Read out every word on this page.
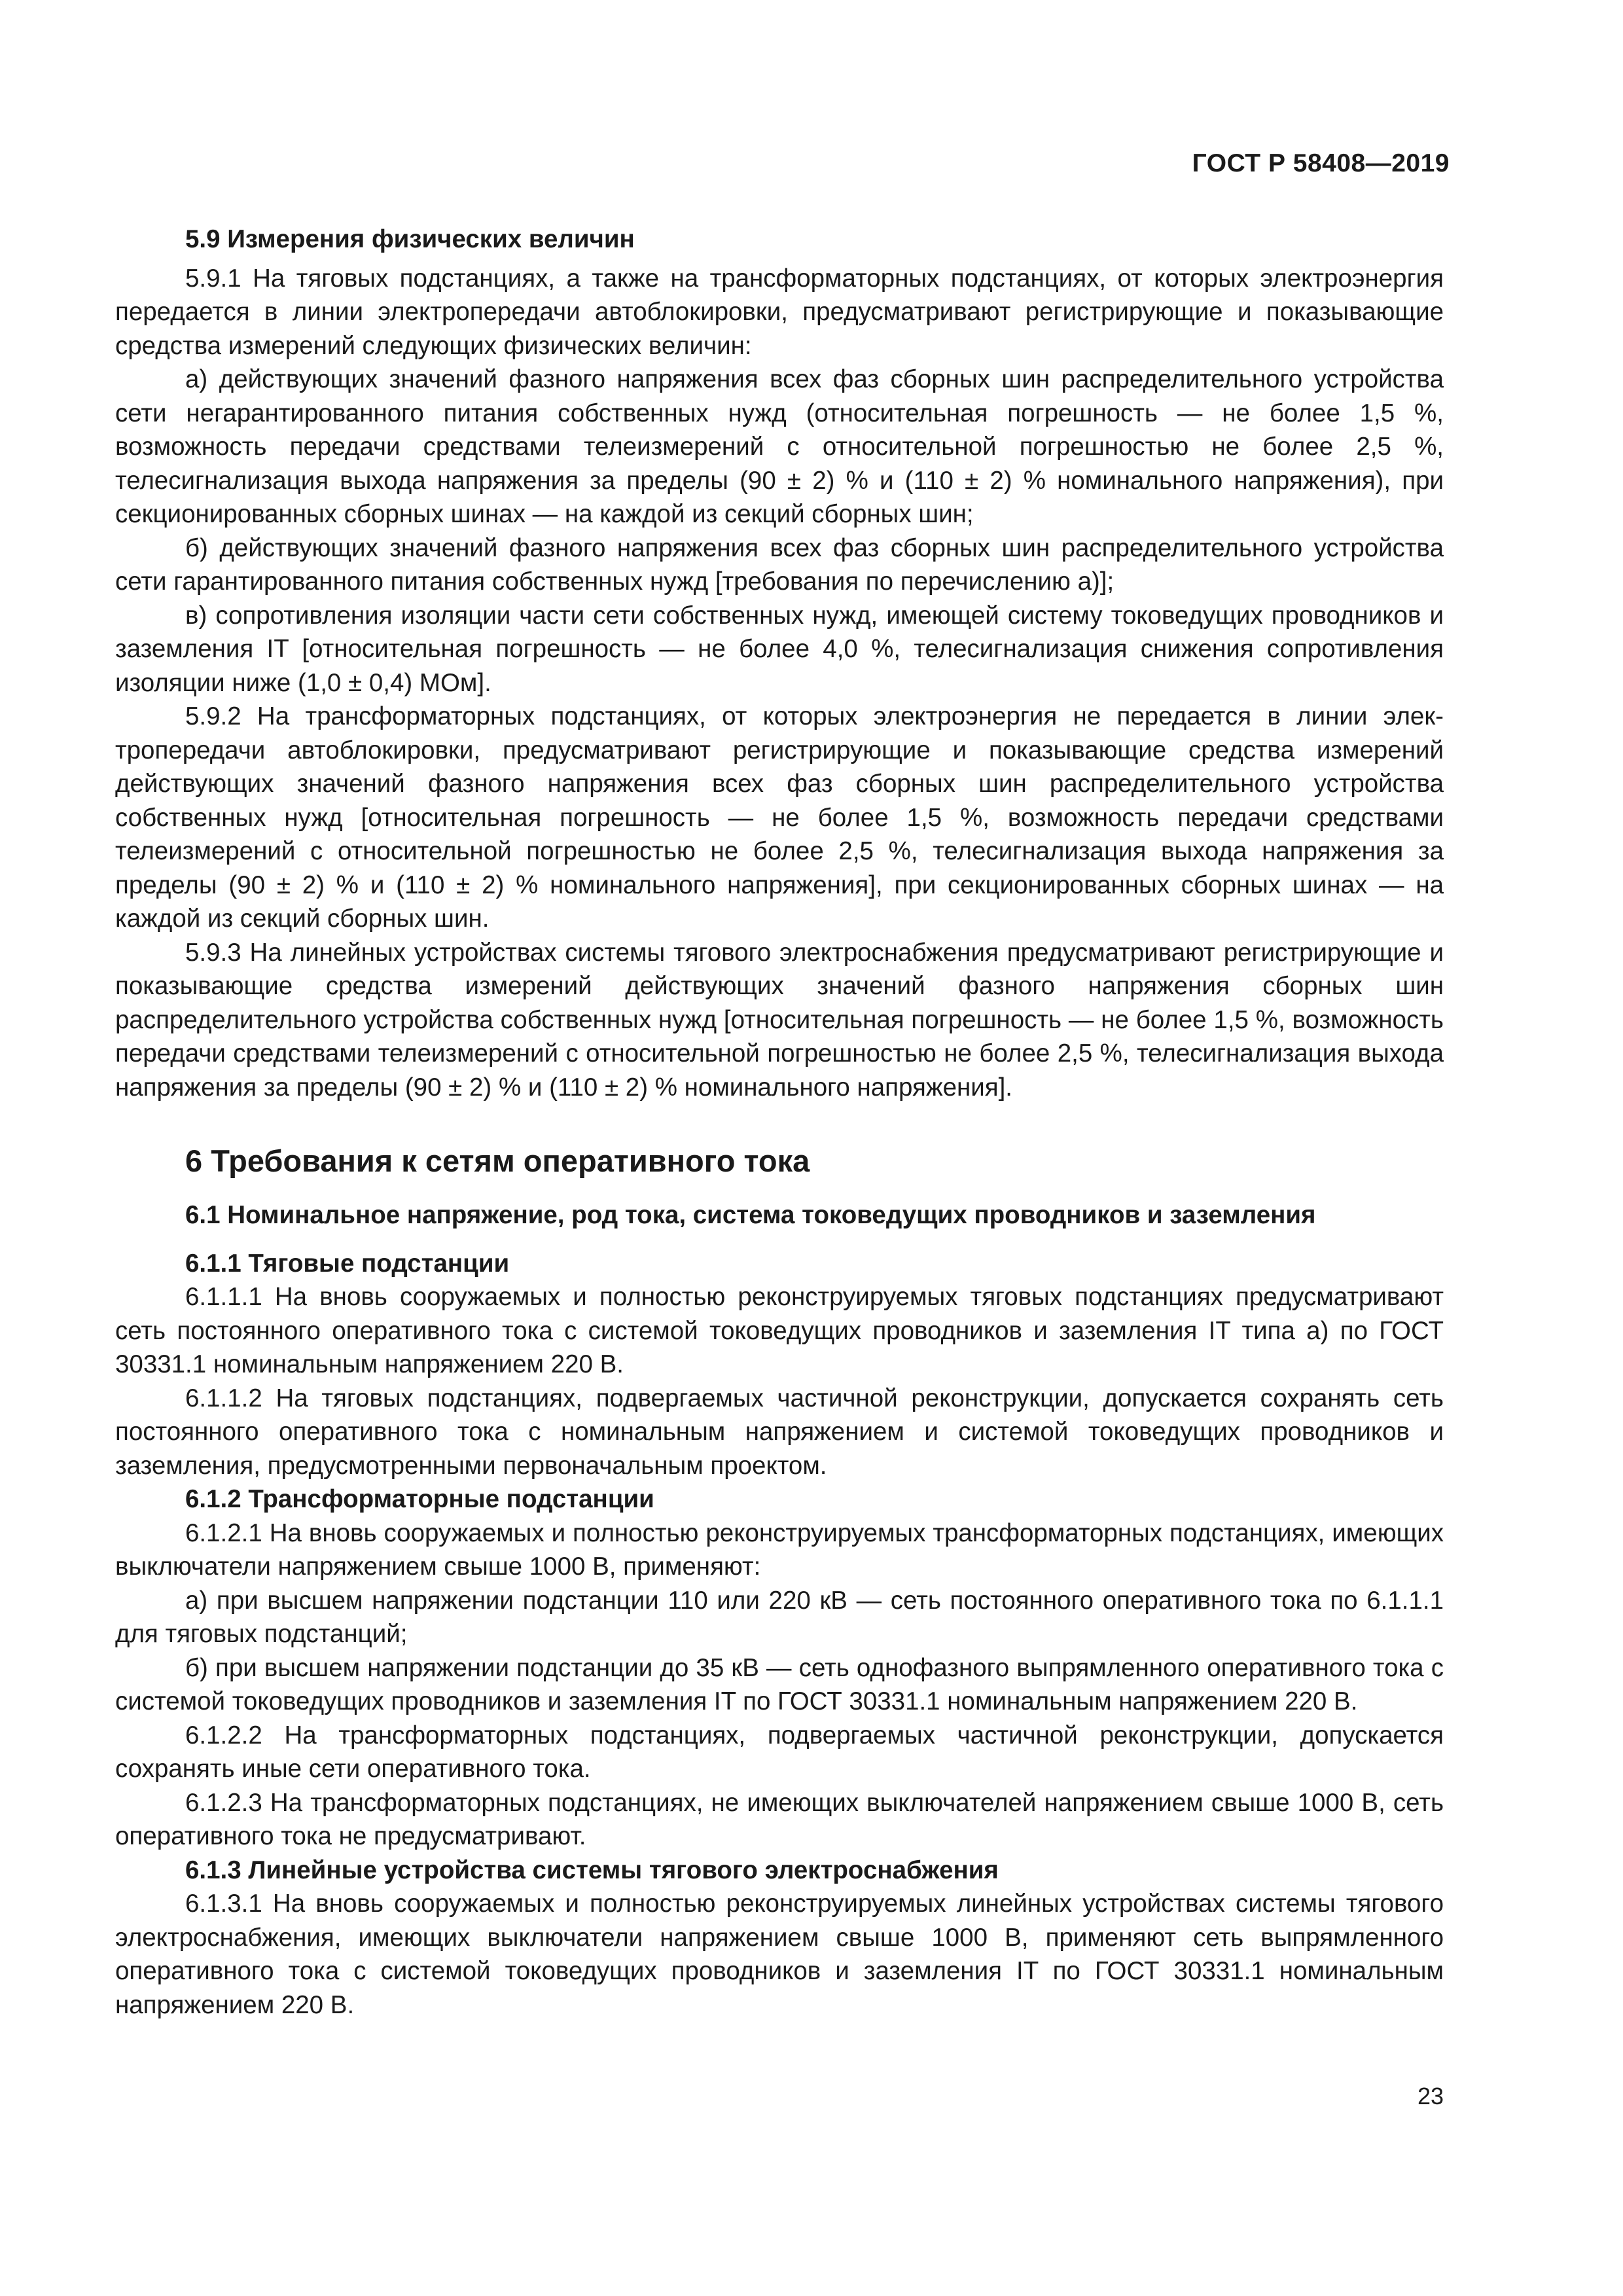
ГОСТ Р 58408—2019
5.9 Измерения физических величин

5.9.1 На тяговых подстанциях, а также на трансформаторных подстанциях, от которых электроэнергия передается в линии электропередачи автоблокировки, предусматривают регистрирующие и показывающие средства измерений следующих физических величин:

а) действующих значений фазного напряжения всех фаз сборных шин распределительного устройства сети негарантированного питания собственных нужд (относительная погрешность — не более 1,5 %, возможность передачи средствами телеизмерений с относительной погрешностью не более 2,5 %, телесигнализация выхода напряжения за пределы (90 ± 2) % и (110 ± 2) % номинального напряжения), при секционированных сборных шинах — на каждой из секций сборных шин;

б) действующих значений фазного напряжения всех фаз сборных шин распределительного устройства сети гарантированного питания собственных нужд [требования по перечислению а)];

в) сопротивления изоляции части сети собственных нужд, имеющей систему токоведущих проводников и заземления IT [относительная погрешность — не более 4,0 %, телесигнализация снижения сопротивления изоляции ниже (1,0 ± 0,4) МОм].

5.9.2 На трансформаторных подстанциях, от которых электроэнергия не передается в линии электропередачи автоблокировки, предусматривают регистрирующие и показывающие средства измерений действующих значений фазного напряжения всех фаз сборных шин распределительного устройства собственных нужд [относительная погрешность — не более 1,5 %, возможность передачи средствами телеизмерений с относительной погрешностью не более 2,5 %, телесигнализация выхода напряжения за пределы (90 ± 2) % и (110 ± 2) % номинального напряжения], при секционированных сборных шинах — на каждой из секций сборных шин.

5.9.3 На линейных устройствах системы тягового электроснабжения предусматривают регистрирующие и показывающие средства измерений действующих значений фазного напряжения сборных шин распределительного устройства собственных нужд [относительная погрешность — не более 1,5 %, возможность передачи средствами телеизмерений с относительной погрешностью не более 2,5 %, телесигнализация выхода напряжения за пределы (90 ± 2) % и (110 ± 2) % номинального напряжения].

6 Требования к сетям оперативного тока
6.1 Номинальное напряжение, род тока, система токоведущих проводников и заземления
6.1.1 Тяговые подстанции

6.1.1.1 На вновь сооружаемых и полностью реконструируемых тяговых подстанциях предусматривают сеть постоянного оперативного тока с системой токоведущих проводников и заземления IT типа а) по ГОСТ 30331.1 номинальным напряжением 220 В.

6.1.1.2 На тяговых подстанциях, подвергаемых частичной реконструкции, допускается сохранять сеть постоянного оперативного тока с номинальным напряжением и системой токоведущих проводников и заземления, предусмотренными первоначальным проектом.

6.1.2 Трансформаторные подстанции

6.1.2.1 На вновь сооружаемых и полностью реконструируемых трансформаторных подстанциях, имеющих выключатели напряжением свыше 1000 В, применяют:

а) при высшем напряжении подстанции 110 или 220 кВ — сеть постоянного оперативного тока по 6.1.1.1 для тяговых подстанций;

б) при высшем напряжении подстанции до 35 кВ — сеть однофазного выпрямленного оперативного тока с системой токоведущих проводников и заземления IT по ГОСТ 30331.1 номинальным напряжением 220 В.

6.1.2.2 На трансформаторных подстанциях, подвергаемых частичной реконструкции, допускается сохранять иные сети оперативного тока.

6.1.2.3 На трансформаторных подстанциях, не имеющих выключателей напряжением свыше 1000 В, сеть оперативного тока не предусматривают.

6.1.3 Линейные устройства системы тягового электроснабжения

6.1.3.1 На вновь сооружаемых и полностью реконструируемых линейных устройствах системы тягового электроснабжения, имеющих выключатели напряжением свыше 1000 В, применяют сеть выпрямленного оперативного тока с системой токоведущих проводников и заземления IT по ГОСТ 30331.1 номинальным напряжением 220 В.

23
